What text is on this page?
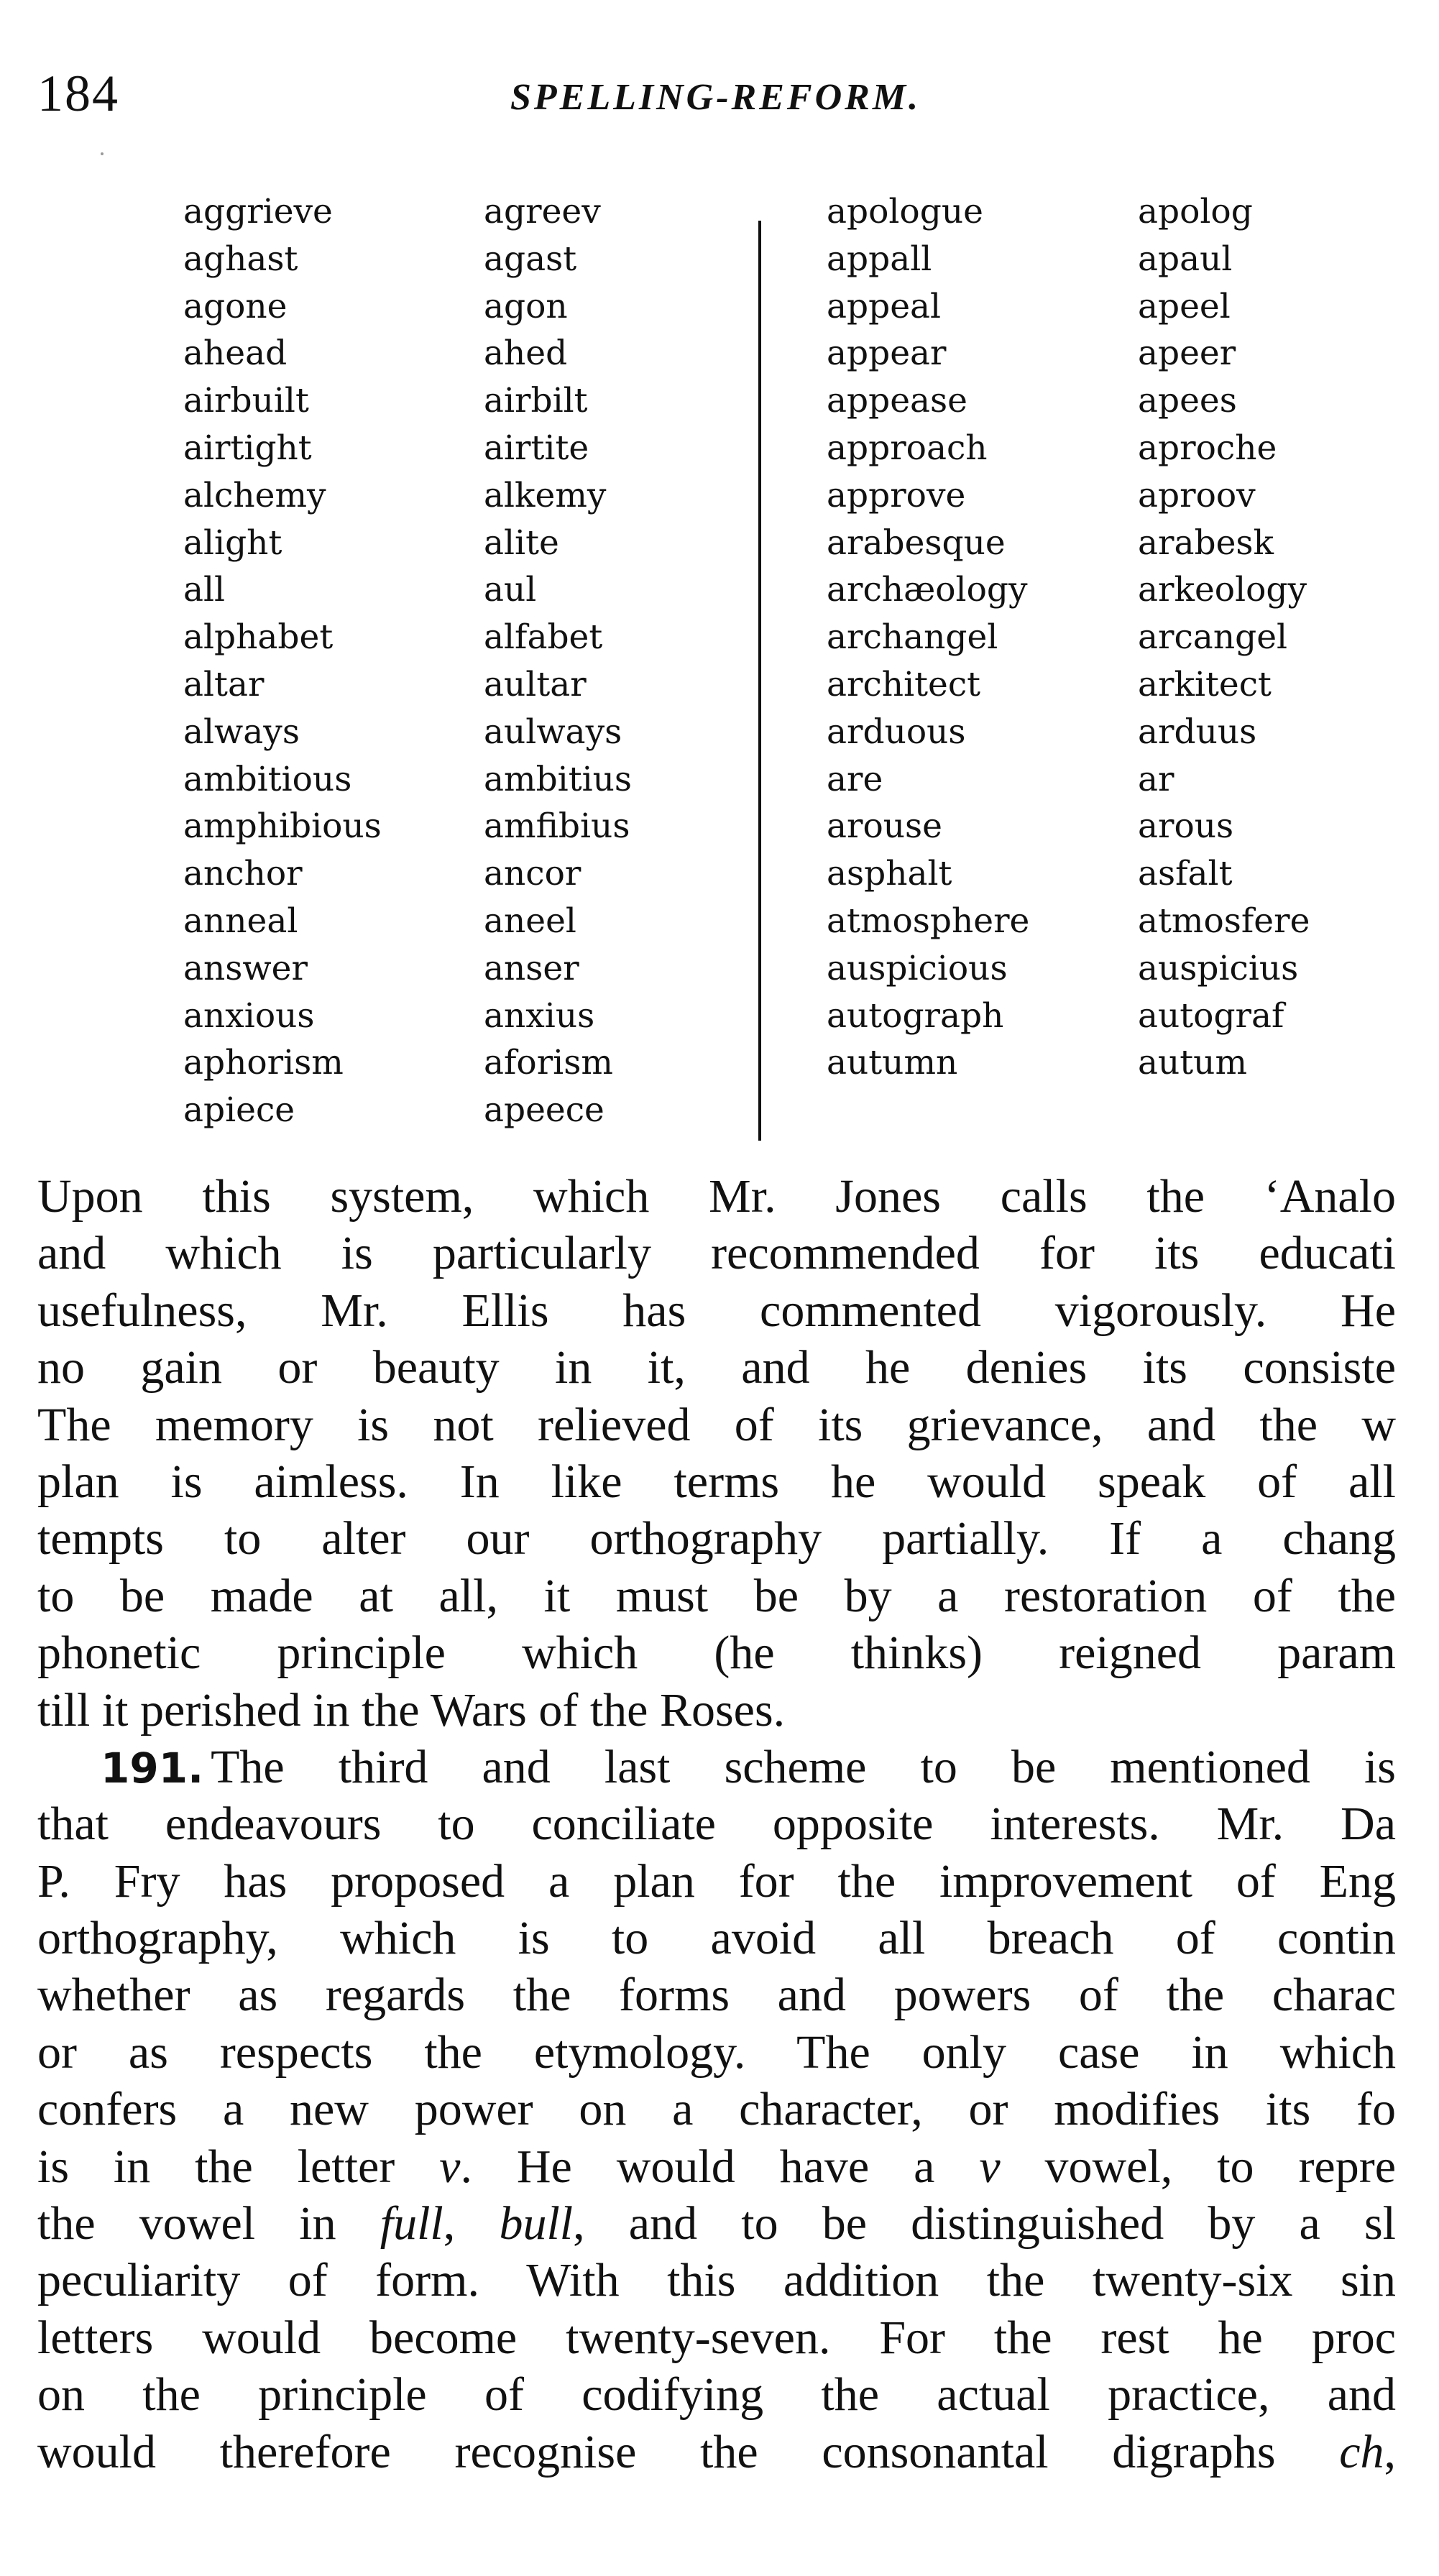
184	SPELLING-REFORM.
aggrieve
aghast
agone
ahead
airbuilt
airtight
alchemy
alight
all
alphabet
altar
always
ambitious
amphibious
anchor
anneal
answer
anxious
aphorism
apiece
agreev
agast
agon
ahed
airbilt
airtite
alkemy
alite
aul
alfabet
aultar
aulways
ambitius
amfibius
ancor
aneel
anser
anxius
aforism
apeece
apologue
appall
appeal
appear
appease
approach
approve
arabesque
archæology
archangel
architect
arduous
are
arouse
asphalt
atmosphere
auspicious
autograph
autumn
apolog
apaul
apeel
apeer
apees
aproche
aproov
arabesk
arkeology
arcangel
arkitect
arduus
ar
arous
asfalt
atmosfere
auspicius
autograf
autum
Upon this system, which Mr. Jones calls the ‘Analo
and which is particularly recommended for its educati
usefulness, Mr. Ellis has commented vigorously. He
no gain or beauty in it, and he denies its consiste
The memory is not relieved of its grievance, and the w
plan is aimless. In like terms he would speak of all
tempts to alter our orthography partially. If a chang
to be made at all, it must be by a restoration of the
phonetic principle which (he thinks) reigned param
till it perished in the Wars of the Roses.
191. The third and last scheme to be mentioned is
that endeavours to conciliate opposite interests. Mr. Da
P. Fry has proposed a plan for the improvement of Eng
orthography, which is to avoid all breach of contin
whether as regards the forms and powers of the charac
or as respects the etymology. The only case in which
confers a new power on a character, or modifies its fo
is in the letter v. He would have a v vowel, to repre
the vowel in full, bull, and to be distinguished by a sl
peculiarity of form. With this addition the twenty-six sin
letters would become twenty-seven. For the rest he proc
on the principle of codifying the actual practice, and
would therefore recognise the consonantal digraphs ch,
